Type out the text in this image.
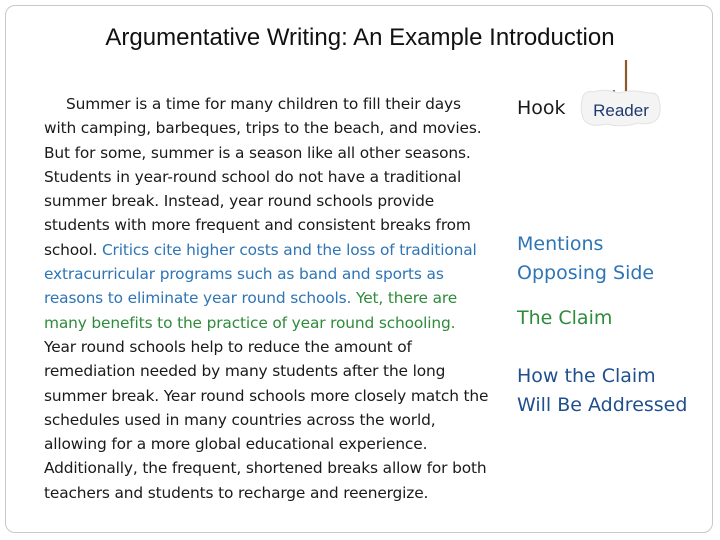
Argumentative Writing: An Example Introduction
Summer is a time for many children to fill their days with camping, barbeques, trips to the beach, and movies. But for some, summer is a season like all other seasons. Students in year-round school do not have a traditional summer break. Instead, year round schools provide students with more frequent and consistent breaks from school. Critics cite higher costs and the loss of traditional extracurricular programs such as band and sports as reasons to eliminate year round schools. Yet, there are many benefits to the practice of year round schooling. Year round schools help to reduce the amount of remediation needed by many students after the long summer break. Year round schools more closely match the schedules used in many countries across the world, allowing for a more global educational experience. Additionally, the frequent, shortened breaks allow for both teachers and students to recharge and reenergize.
Hook Reader
Mentions
Opposing Side
The Claim
How the Claim
Will Be Addressed
